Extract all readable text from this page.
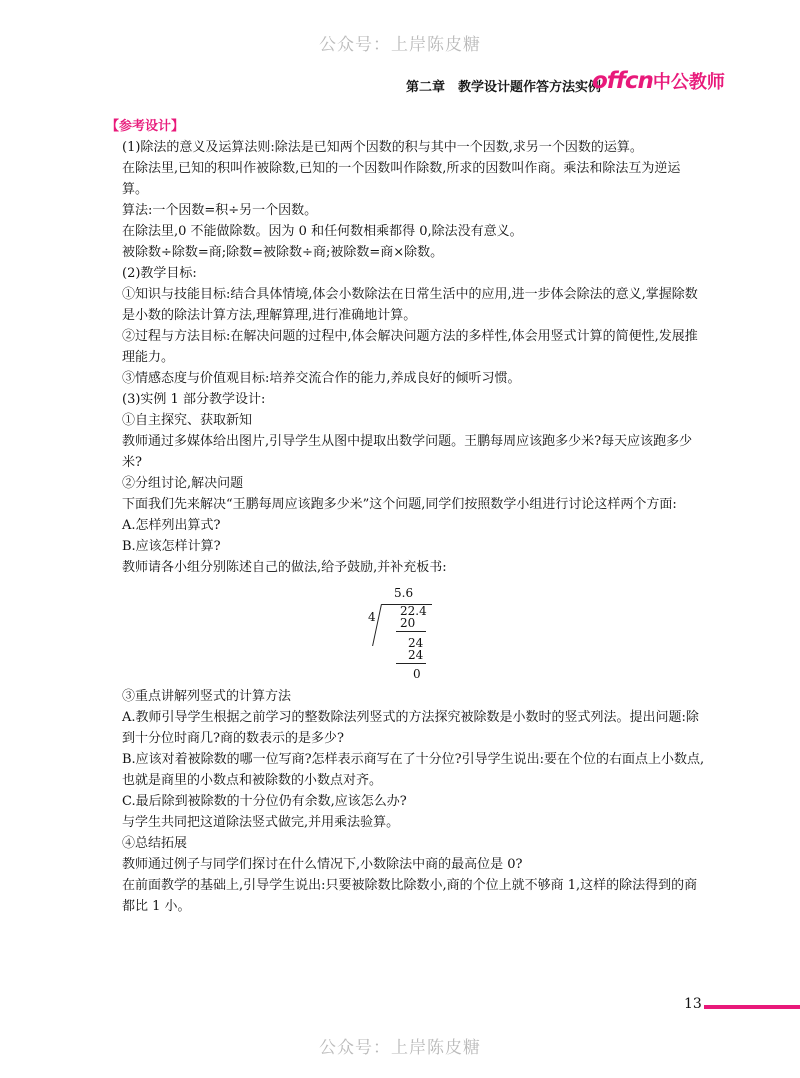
公众号：上岸陈皮糖
第二章　教学设计题作答方法实例
offcn中公教师

【参考设计】

(1)除法的意义及运算法则:除法是已知两个因数的积与其中一个因数,求另一个因数的运算。

在除法里,已知的积叫作被除数,已知的一个因数叫作除数,所求的因数叫作商。乘法和除法互为逆运算。

算法:一个因数=积÷另一个因数。

在除法里,0 不能做除数。因为 0 和任何数相乘都得 0,除法没有意义。

被除数÷除数=商;除数=被除数÷商;被除数=商×除数。

(2)教学目标:

①知识与技能目标:结合具体情境,体会小数除法在日常生活中的应用,进一步体会除法的意义,掌握除数是小数的除法计算方法,理解算理,进行准确地计算。

②过程与方法目标:在解决问题的过程中,体会解决问题方法的多样性,体会用竖式计算的简便性,发展推理能力。

③情感态度与价值观目标:培养交流合作的能力,养成良好的倾听习惯。

(3)实例 1 部分教学设计:

①自主探究、获取新知

教师通过多媒体给出图片,引导学生从图中提取出数学问题。王鹏每周应该跑多少米?每天应该跑多少米?

②分组讨论,解决问题

下面我们先来解决“王鹏每周应该跑多少米”这个问题,同学们按照数学小组进行讨论这样两个方面:

A.怎样列出算式?

B.应该怎样计算?

教师请各小组分别陈述自己的做法,给予鼓励,并补充板书:

5.6
4 22.4
20
24
24
0

③重点讲解列竖式的计算方法

A.教师引导学生根据之前学习的整数除法列竖式的方法探究被除数是小数时的竖式列法。提出问题:除到十分位时商几?商的数表示的是多少?

B.应该对着被除数的哪一位写商?怎样表示商写在了十分位?引导学生说出:要在个位的右面点上小数点,也就是商里的小数点和被除数的小数点对齐。

C.最后除到被除数的十分位仍有余数,应该怎么办?

与学生共同把这道除法竖式做完,并用乘法验算。

④总结拓展

教师通过例子与同学们探讨在什么情况下,小数除法中商的最高位是 0?

在前面教学的基础上,引导学生说出:只要被除数比除数小,商的个位上就不够商 1,这样的除法得到的商都比 1 小。

13
公众号：上岸陈皮糖
